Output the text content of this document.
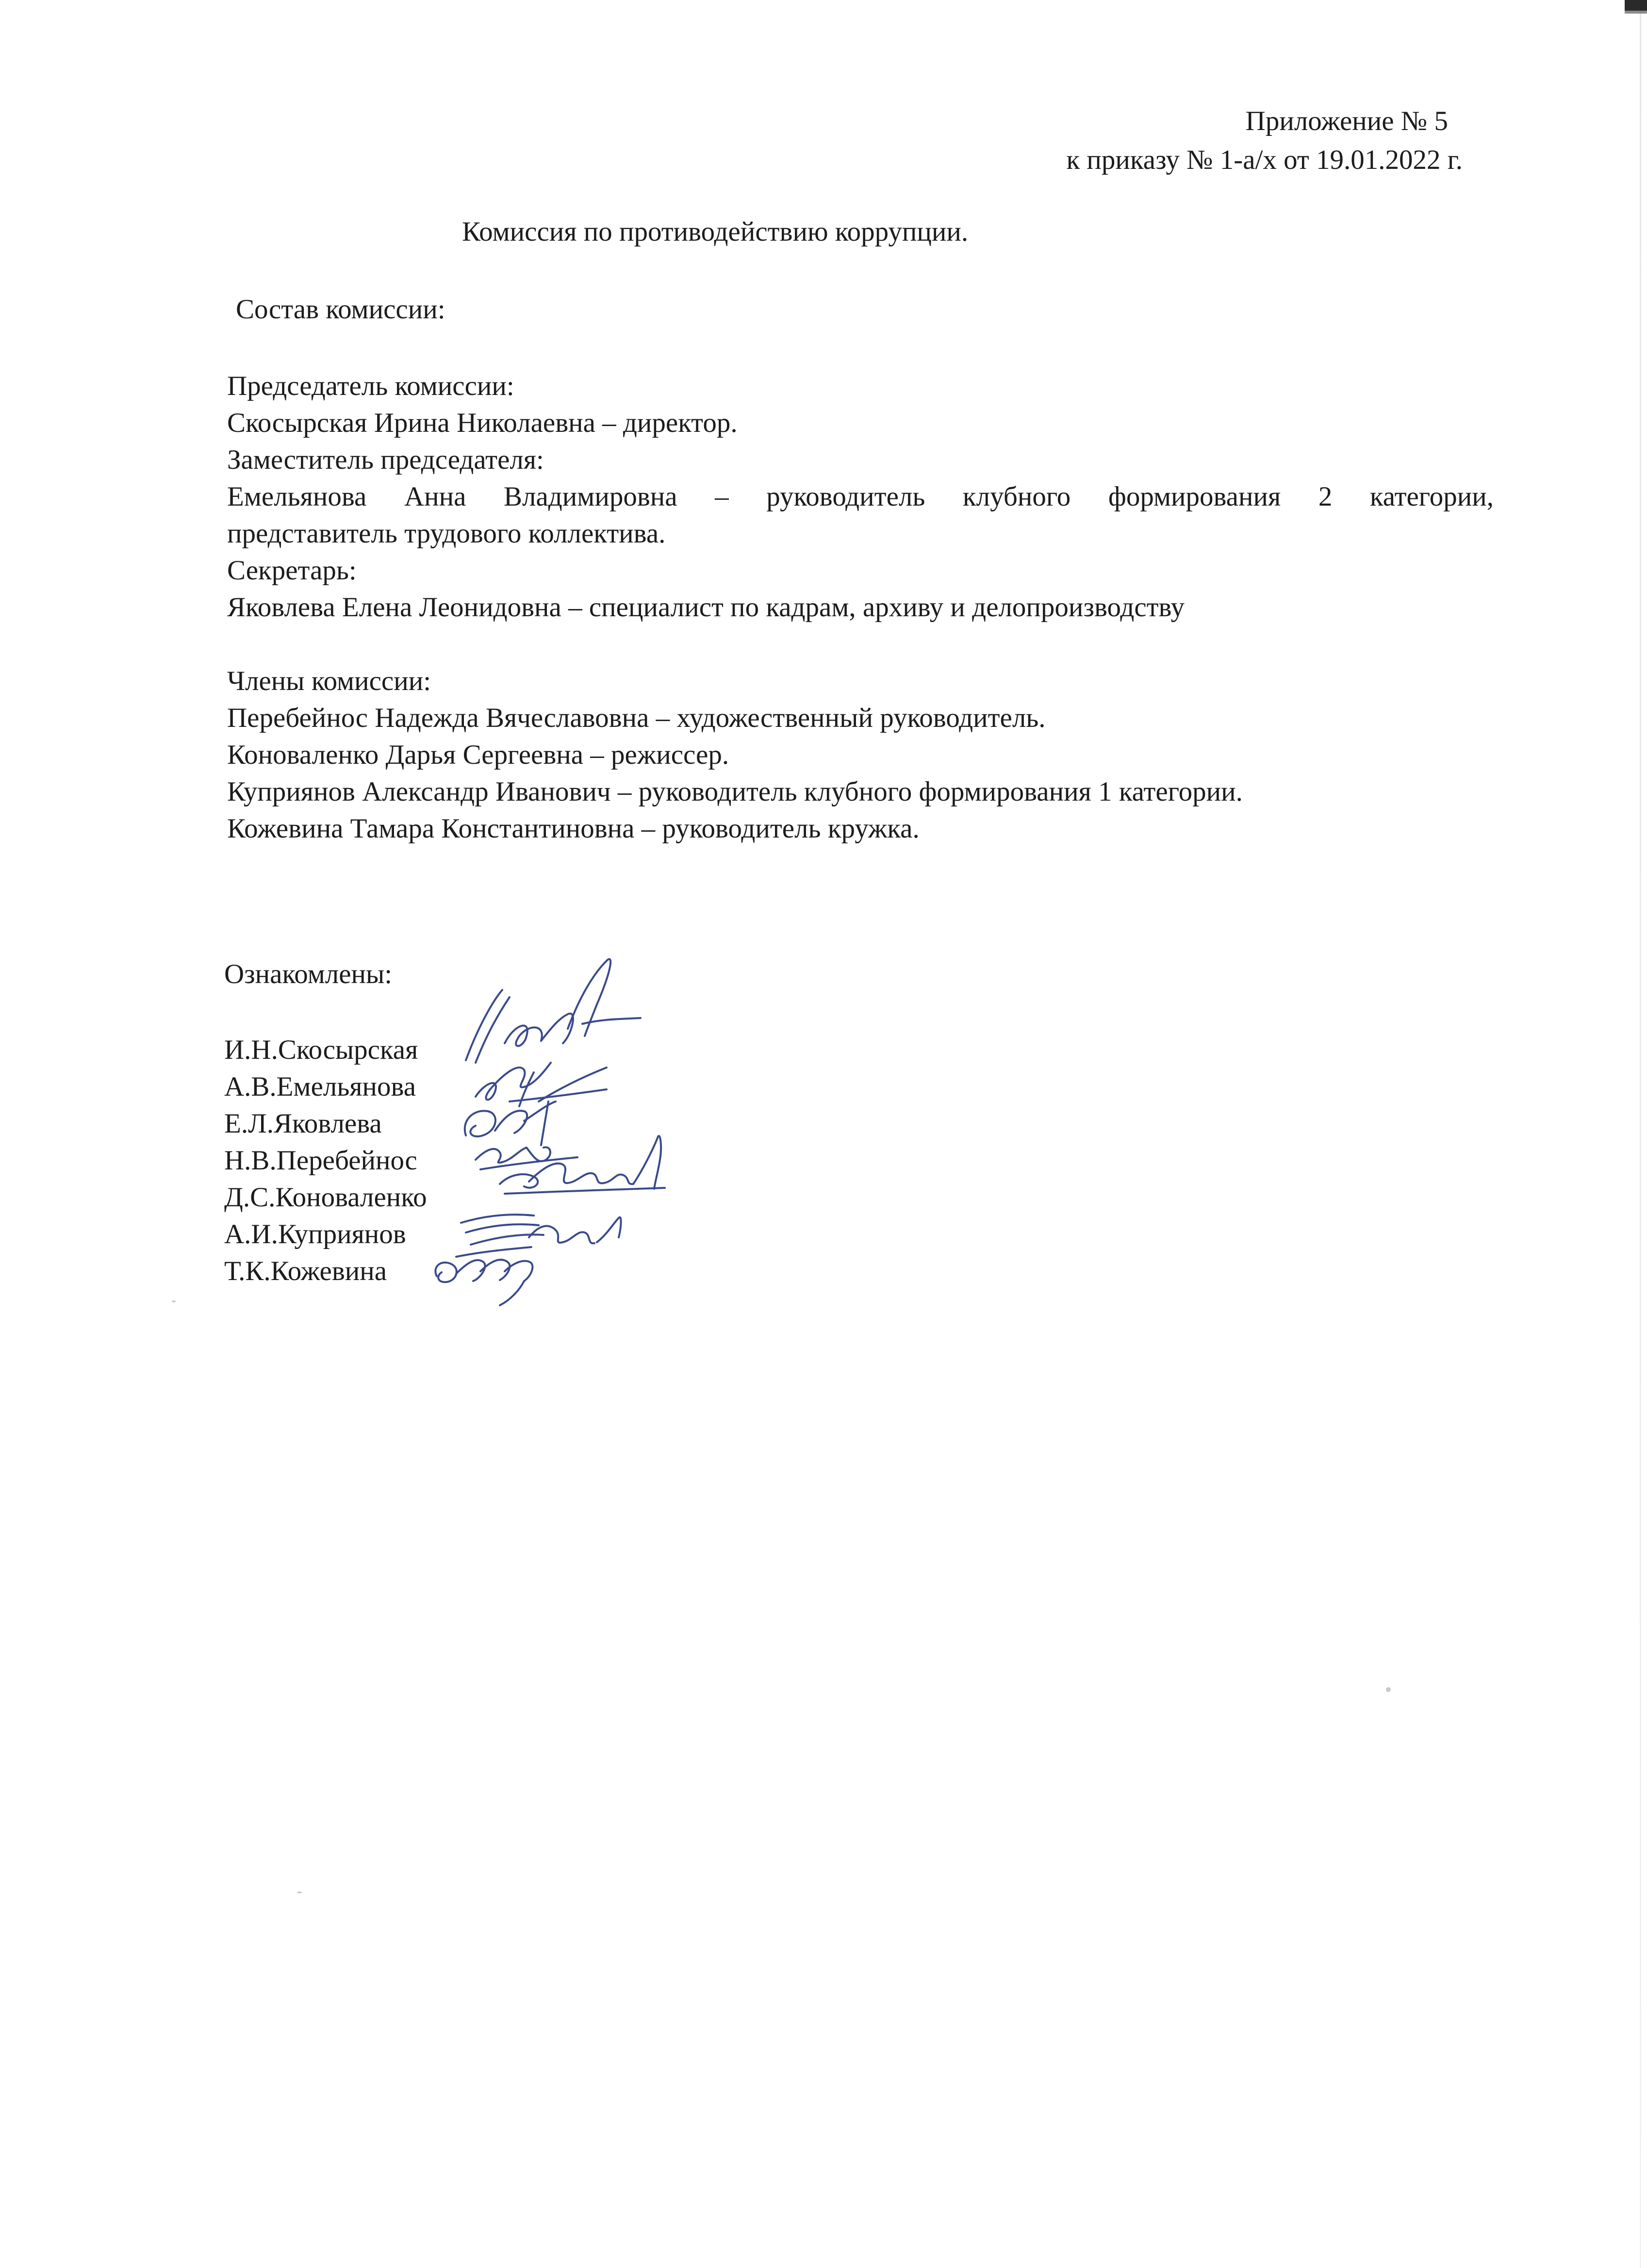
Приложение № 5
к приказу № 1-а/х от 19.01.2022 г.
Комиссия по противодействию коррупции.
Состав комиссии:
Председатель комиссии:
Скосырская Ирина Николаевна – директор.
Заместитель председателя:
Емельянова Анна Владимировна – руководитель клубного формирования 2 категории,
представитель трудового коллектива.
Секретарь:
Яковлева Елена Леонидовна – специалист по кадрам, архиву и делопроизводству
Члены комиссии:
Перебейнос Надежда Вячеславовна – художественный руководитель.
Коноваленко Дарья Сергеевна – режиссер.
Куприянов Александр Иванович – руководитель клубного формирования 1 категории.
Кожевина Тамара Константиновна – руководитель кружка.
Ознакомлены:
И.Н.Скосырская
А.В.Емельянова
Е.Л.Яковлева
Н.В.Перебейнос
Д.С.Коноваленко
А.И.Куприянов
Т.К.Кожевина
